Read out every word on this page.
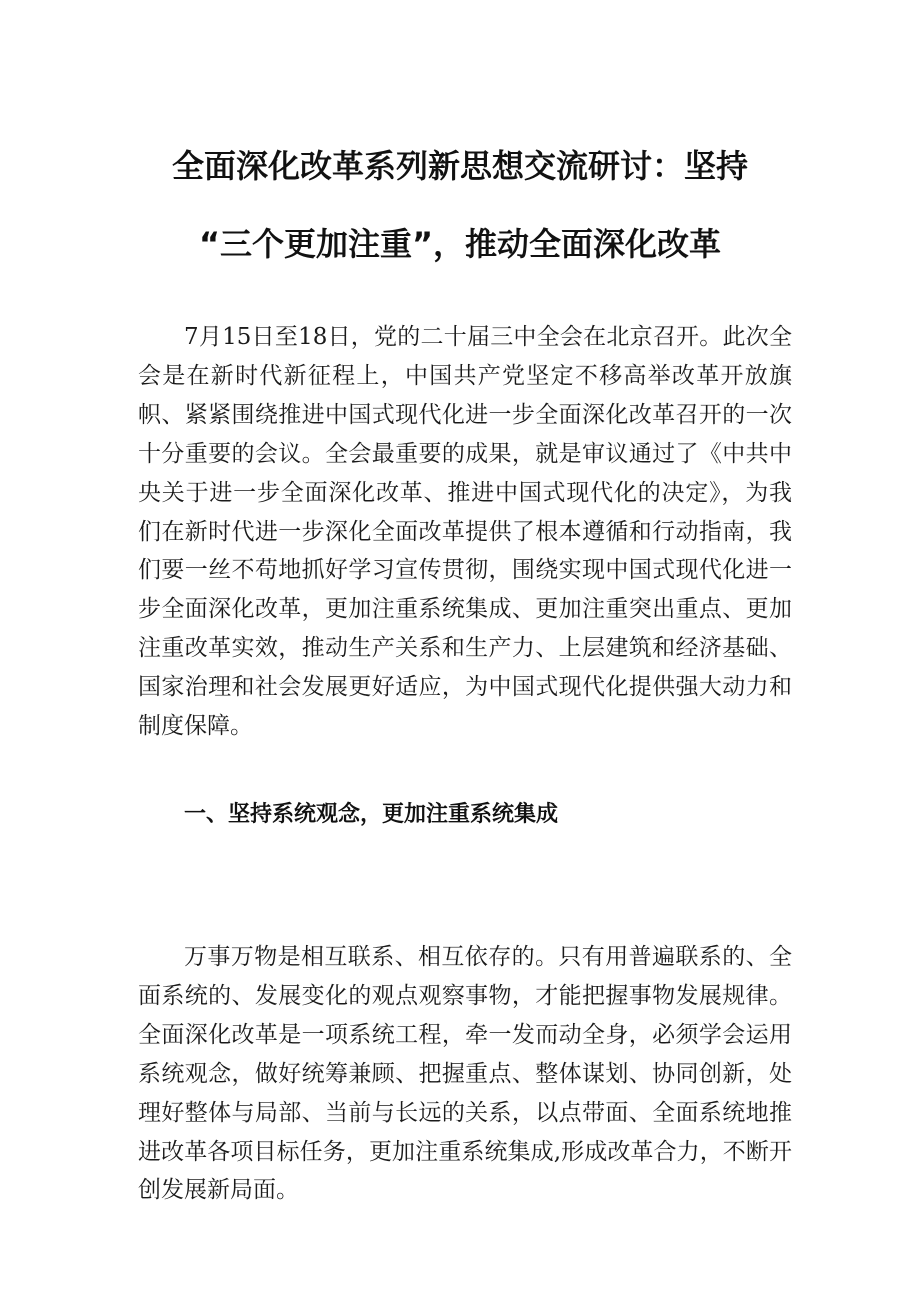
全面深化改革系列新思想交流研讨：坚持
“三个更加注重”，推动全面深化改革

7月15日至18日，党的二十届三中全会在北京召开。此次全会是在新时代新征程上，中国共产党坚定不移高举改革开放旗帜、紧紧围绕推进中国式现代化进一步全面深化改革召开的一次十分重要的会议。全会最重要的成果，就是审议通过了《中共中央关于进一步全面深化改革、推进中国式现代化的决定》，为我们在新时代进一步深化全面改革提供了根本遵循和行动指南，我们要一丝不苟地抓好学习宣传贯彻，围绕实现中国式现代化进一步全面深化改革，更加注重系统集成、更加注重突出重点、更加注重改革实效，推动生产关系和生产力、上层建筑和经济基础、国家治理和社会发展更好适应，为中国式现代化提供强大动力和制度保障。

一、坚持系统观念，更加注重系统集成

万事万物是相互联系、相互依存的。只有用普遍联系的、全面系统的、发展变化的观点观察事物，才能把握事物发展规律。全面深化改革是一项系统工程，牵一发而动全身，必须学会运用系统观念，做好统筹兼顾、把握重点、整体谋划、协同创新，处理好整体与局部、当前与长远的关系，以点带面、全面系统地推进改革各项目标任务，更加注重系统集成,形成改革合力，不断开创发展新局面。
